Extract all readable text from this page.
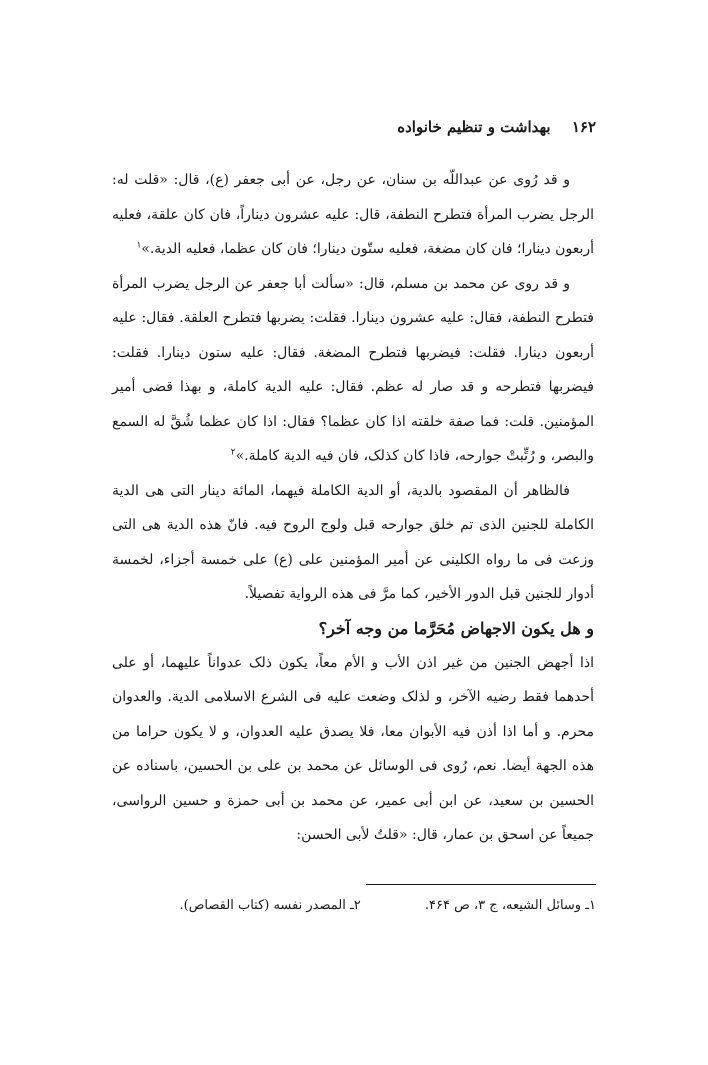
۱۶۲ بهداشت و تنظیم خانواده

و قد رُوی عن عبداللّه بن سنان، عن رجل، عن أبی جعفر (ع)، قال: «قلت له: الرجل یضرب المرأة فتطرح النطفة، قال: علیه عشرون دیناراً، فان کان علقة، فعلیه أربعون دینارا؛ فان کان مضغة، فعلیه ستّون دینارا؛ فان کان عظما، فعلیه الدیة.»$^۱$

و قد روی عن محمد بن مسلم، قال: «سألت أبا جعفر عن الرجل یضرب المرأة فتطرح النطفة، فقال: علیه عشرون دینارا. فقلت: یضربها فتطرح العلقة. فقال: علیه أربعون دینارا. فقلت: فیضربها فتطرح المضغة. فقال: علیه ستون دینارا. فقلت: فیضربها فتطرحه و قد صار له عظم. فقال: علیه الدیة کاملة، و بهذا قضی أمیر المؤمنین. قلت: فما صفة خلقته اذا کان عظما؟ فقال: اذا کان عظما شُقَّ له السمع والبصر، و رُتِّبتْ جوارحه، فاذا کان کذلک، فان فیه الدیة کاملة.»$^۲$

فالظاهر أن المقصود بالدیة، أو الدیة الکاملة فیهما، المائة دینار التی هی الدیة الکاملة للجنین الذی تم خلق جوارحه قبل ولوج الروح فیه. فانّ هذه الدیة هی التی وزعت فی ما رواه الکلینی عن أمیر المؤمنین علی (ع) علی خمسة أجزاء، لخمسة أدوار للجنین قبل الدور الأخیر، کما مرَّ فی هذه الروایة تفصیلاً.

و هل یکون الاجهاض مُحَرَّما من وجه آخر؟

اذا أجهض الجنین من غیر اذن الأب و الأم معاً، یکون ذلک عدواناً علیهما، أو علی أحدهما فقط رضیه الآخر، و لذلک وضعت علیه فی الشرع الاسلامی الدیة. والعدوان محرم. و أما اذا أذن فیه الأبوان معا، فلا یصدق علیه العدوان، و لا یکون حراما من هذه الجهة أیضا. نعم، رُوی فی الوسائل عن محمد بن علی بن الحسین، باسناده عن الحسین بن سعید، عن ابن أبی عمیر، عن محمد بن أبی حمزة و حسین الرواسی، جمیعاً عن اسحق بن عمار، قال: «قلتُ لأبی الحسن:

۱ـ وسائل الشیعه، ج ۳، ص ۴۶۴. ۲ـ المصدر نفسه (کتاب القصاص).
